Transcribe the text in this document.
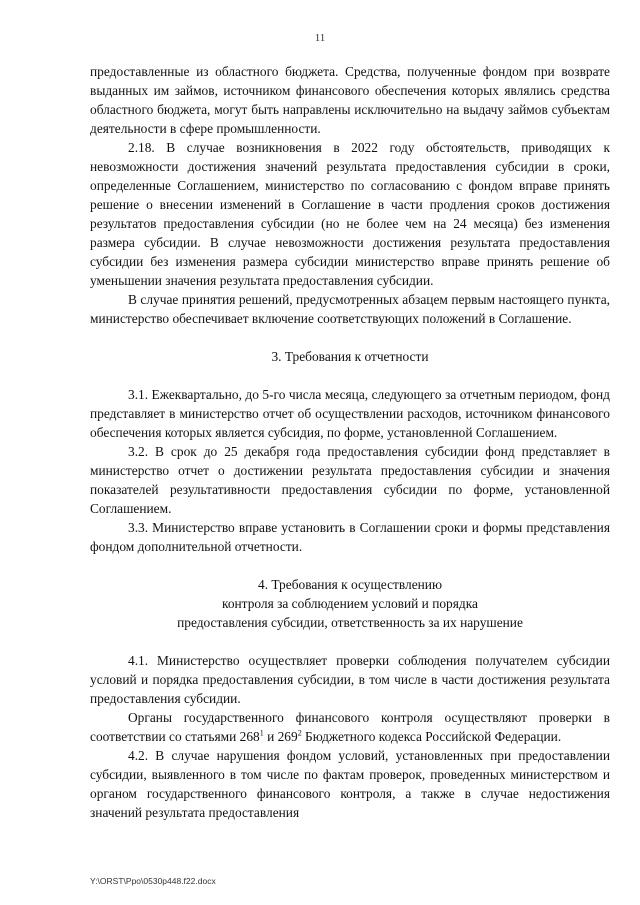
11

предоставленные из областного бюджета. Средства, полученные фондом при возврате выданных им займов, источником финансового обеспечения которых являлись средства областного бюджета, могут быть направлены исключительно на выдачу займов субъектам деятельности в сфере промышленности.

2.18. В случае возникновения в 2022 году обстоятельств, приводящих к невозможности достижения значений результата предоставления субсидии в сроки, определенные Соглашением, министерство по согласованию с фондом вправе принять решение о внесении изменений в Соглашение в части продления сроков достижения результатов предоставления субсидии (но не более чем на 24 месяца) без изменения размера субсидии. В случае невозможности достижения результата предоставления субсидии без изменения размера субсидии министерство вправе принять решение об уменьшении значения результата предоставления субсидии.

В случае принятия решений, предусмотренных абзацем первым настоящего пункта, министерство обеспечивает включение соответствующих положений в Соглашение.

3. Требования к отчетности

3.1. Ежеквартально, до 5-го числа месяца, следующего за отчетным периодом, фонд представляет в министерство отчет об осуществлении расходов, источником финансового обеспечения которых является субсидия, по форме, установленной Соглашением.

3.2. В срок до 25 декабря года предоставления субсидии фонд представляет в министерство отчет о достижении результата предоставления субсидии и значения показателей результативности предоставления субсидии по форме, установленной Соглашением.

3.3. Министерство вправе установить в Соглашении сроки и формы представления фондом дополнительной отчетности.

4. Требования к осуществлению
контроля за соблюдением условий и порядка
предоставления субсидии, ответственность за их нарушение

4.1. Министерство осуществляет проверки соблюдения получателем субсидии условий и порядка предоставления субсидии, в том числе в части достижения результата предоставления субсидии.

Органы государственного финансового контроля осуществляют проверки в соответствии со статьями $268^1$ и $269^2$ Бюджетного кодекса Российской Федерации.

4.2. В случае нарушения фондом условий, установленных при предоставлении субсидии, выявленного в том числе по фактам проверок, проведенных министерством и органом государственного финансового контроля, а также в случае недостижения значений результата предоставления

Y:\ORST\Ppo\0530p448.f22.docx
